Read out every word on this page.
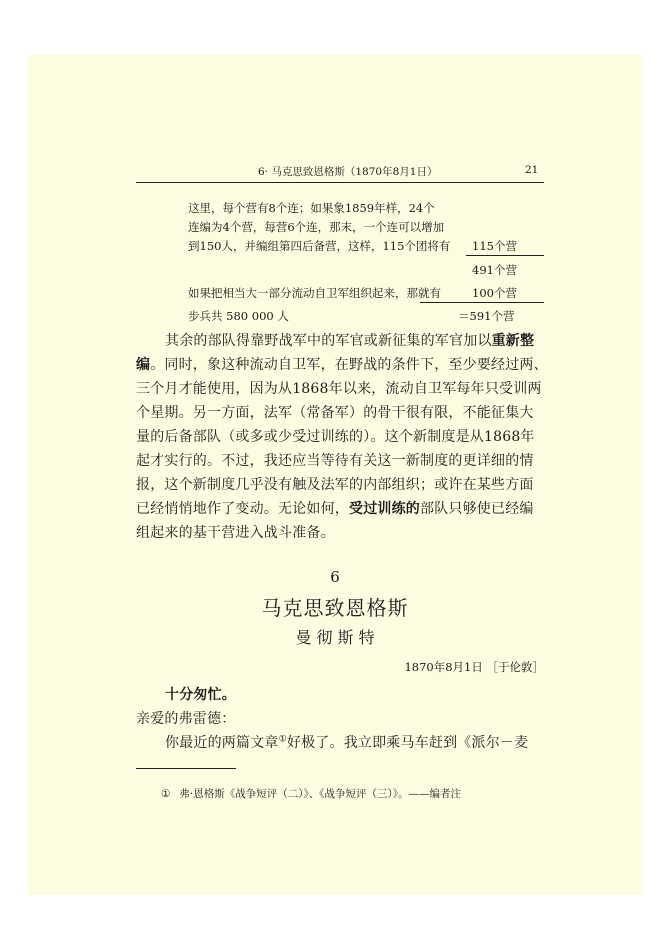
6· 马克思致恩格斯（1870年8月1日）	21
这里，每个营有8个连；如果象1859年样，24个
连编为4个营，每营6个连，那末，一个连可以增加
到150人，并编组第四后备营，这样，115个团将有 115个营
491个营
如果把相当大一部分流动自卫军组织起来，那就有	100个营
步兵共 580 000 人	＝591个营
其余的部队得靠野战军中的军官或新征集的军官加以重新整
编。同时，象这种流动自卫军，在野战的条件下，至少要经过两、
三个月才能使用，因为从1868年以来，流动自卫军每年只受训两
个星期。另一方面，法军（常备军）的骨干很有限，不能征集大
量的后备部队（或多或少受过训练的）。这个新制度是从1868年
起才实行的。不过，我还应当等待有关这一新制度的更详细的情
报，这个新制度几乎没有触及法军的内部组织；或许在某些方面
已经悄悄地作了变动。无论如何，受过训练的部队只够使已经编
组起来的基干营进入战斗准备。
6
马克思致恩格斯
曼 彻 斯 特
1870年8月1日 ［于伦敦］
十分匆忙。
亲爱的弗雷德：
你最近的两篇文章①好极了。我立即乘马车赶到《派尔－麦
① 弗·恩格斯《战争短评（二）》、《战争短评（三）》。——编者注
